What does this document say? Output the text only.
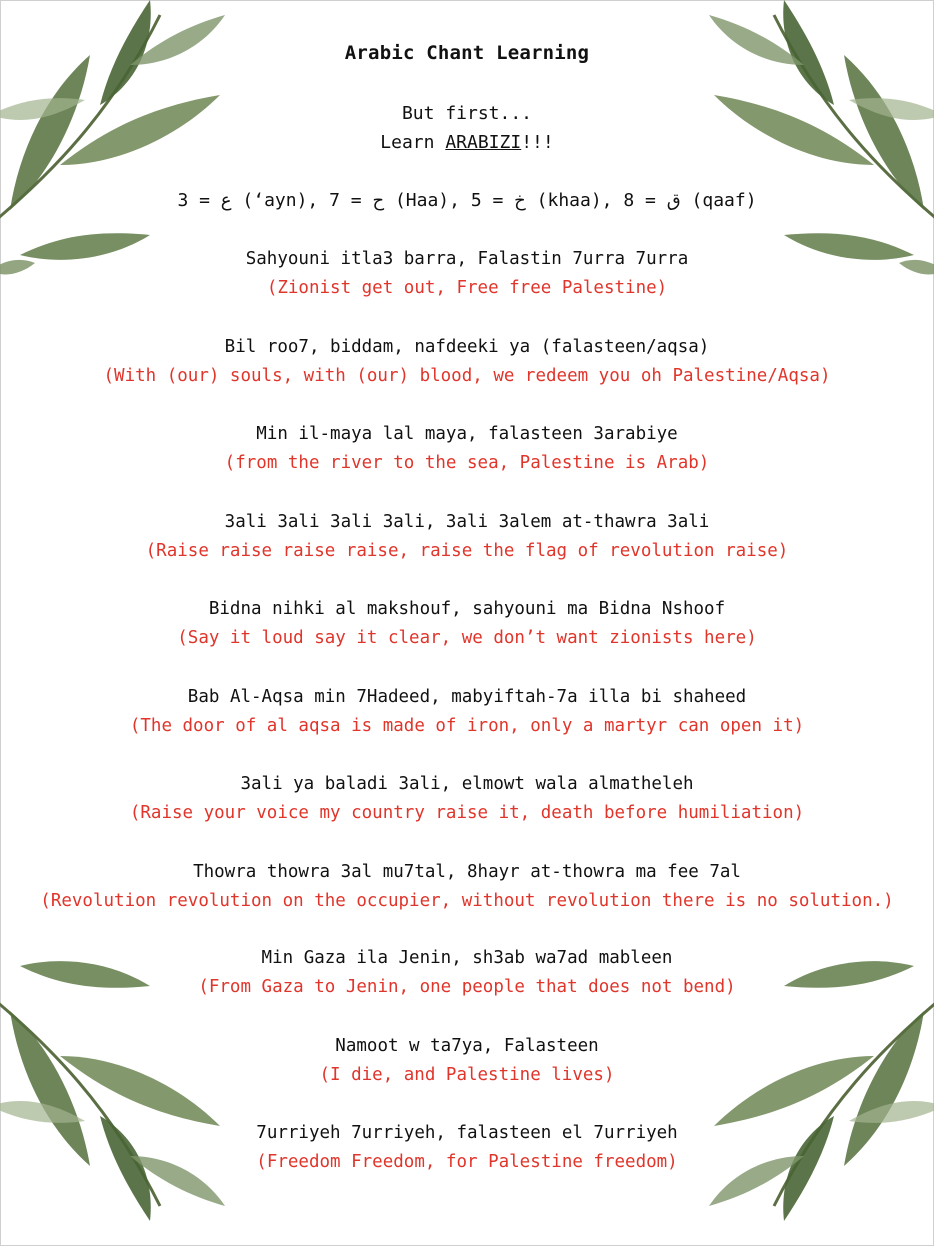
Arabic Chant Learning
But first...
Learn ARABIZI!!!
3 = ع (‘ayn), 7 = ح (Haa), 5 = خ (khaa), 8 = ق (qaaf)
Sahyouni itla3 barra, Falastin 7urra 7urra
(Zionist get out, Free free Palestine)
Bil roo7, biddam, nafdeeki ya (falasteen/aqsa)
(With (our) souls, with (our) blood, we redeem you oh Palestine/Aqsa)
Min il-maya lal maya, falasteen 3arabiye
(from the river to the sea, Palestine is Arab)
3ali 3ali 3ali 3ali, 3ali 3alem at-thawra 3ali
(Raise raise raise raise, raise the flag of revolution raise)
Bidna nihki al makshouf, sahyouni ma Bidna Nshoof
(Say it loud say it clear, we don’t want zionists here)
Bab Al-Aqsa min 7Hadeed, mabyiftah-7a illa bi shaheed
(The door of al aqsa is made of iron, only a martyr can open it)
3ali ya baladi 3ali, elmowt wala almatheleh
(Raise your voice my country raise it, death before humiliation)
Thowra thowra 3al mu7tal, 8hayr at-thowra ma fee 7al
(Revolution revolution on the occupier, without revolution there is no solution.)
Min Gaza ila Jenin, sh3ab wa7ad mableen
(From Gaza to Jenin, one people that does not bend)
Namoot w ta7ya, Falasteen
(I die, and Palestine lives)
7urriyeh 7urriyeh, falasteen el 7urriyeh
(Freedom Freedom, for Palestine freedom)
